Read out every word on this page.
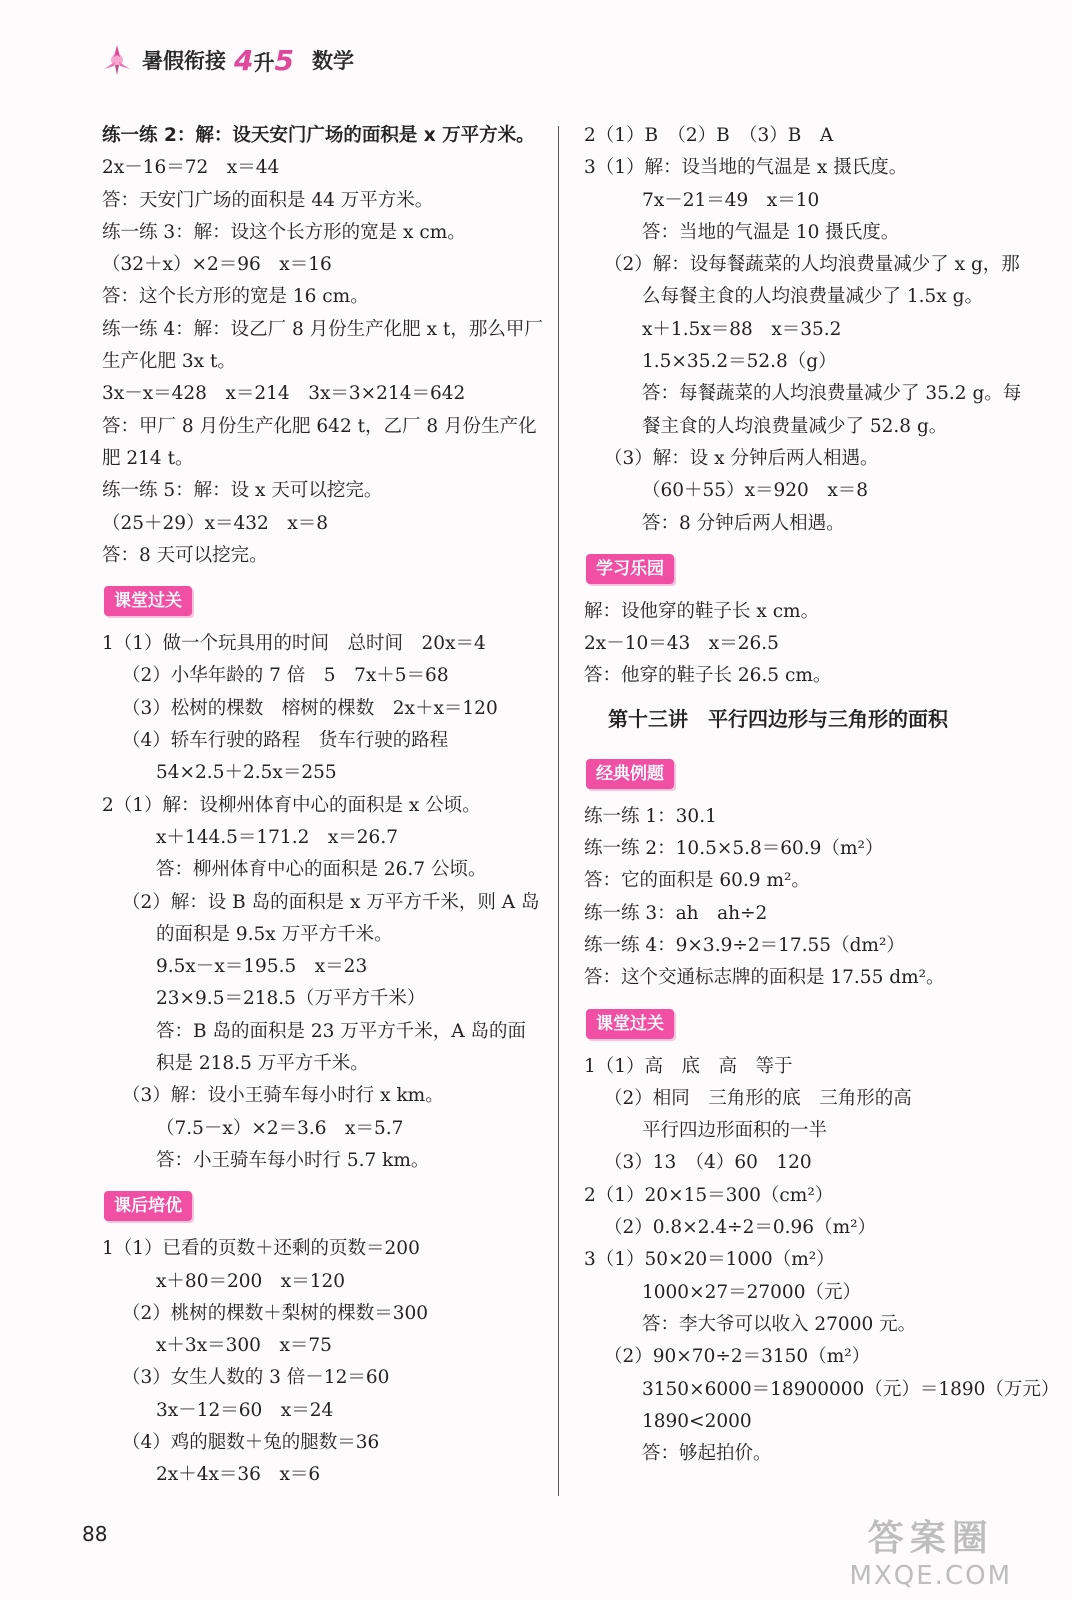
暑假衔接 4升5 数学
练一练 2：解：设天安门广场的面积是 x 万平方米。
2x－16＝72　x＝44
答：天安门广场的面积是 44 万平方米。
练一练 3：解：设这个长方形的宽是 x cm。
（32＋x）×2＝96　x＝16
答：这个长方形的宽是 16 cm。
练一练 4：解：设乙厂 8 月份生产化肥 x t，那么甲厂
生产化肥 3x t。
3x－x＝428　x＝214　3x＝3×214＝642
答：甲厂 8 月份生产化肥 642 t，乙厂 8 月份生产化
肥 214 t。
练一练 5：解：设 x 天可以挖完。
（25＋29）x＝432　x＝8
答：8 天可以挖完。
课堂过关
1（1）做一个玩具用的时间　总时间　20x＝4
（2）小华年龄的 7 倍　5　7x＋5＝68
（3）松树的棵数　榕树的棵数　2x＋x＝120
（4）轿车行驶的路程　货车行驶的路程
54×2.5＋2.5x＝255
2（1）解：设柳州体育中心的面积是 x 公顷。
x＋144.5＝171.2　x＝26.7
答：柳州体育中心的面积是 26.7 公顷。
（2）解：设 B 岛的面积是 x 万平方千米，则 A 岛
的面积是 9.5x 万平方千米。
9.5x－x＝195.5　x＝23
23×9.5＝218.5（万平方千米）
答：B 岛的面积是 23 万平方千米，A 岛的面
积是 218.5 万平方千米。
（3）解：设小王骑车每小时行 x km。
（7.5－x）×2＝3.6　x＝5.7
答：小王骑车每小时行 5.7 km。
课后培优
1（1）已看的页数＋还剩的页数＝200
x＋80＝200　x＝120
（2）桃树的棵数＋梨树的棵数＝300
x＋3x＝300　x＝75
（3）女生人数的 3 倍－12＝60
3x－12＝60　x＝24
（4）鸡的腿数＋兔的腿数＝36
2x＋4x＝36　x＝6
2（1）B　（2）B　（3）B　A
3（1）解：设当地的气温是 x 摄氏度。
7x－21＝49　x＝10
答：当地的气温是 10 摄氏度。
（2）解：设每餐蔬菜的人均浪费量减少了 x g，那
么每餐主食的人均浪费量减少了 1.5x g。
x＋1.5x＝88　x＝35.2
1.5×35.2＝52.8（g）
答：每餐蔬菜的人均浪费量减少了 35.2 g。每
餐主食的人均浪费量减少了 52.8 g。
（3）解：设 x 分钟后两人相遇。
（60＋55）x＝920　x＝8
答：8 分钟后两人相遇。
学习乐园
解：设他穿的鞋子长 x cm。
2x－10＝43　x＝26.5
答：他穿的鞋子长 26.5 cm。
第十三讲　平行四边形与三角形的面积
经典例题
练一练 1：30.1
练一练 2：10.5×5.8＝60.9（m²）
答：它的面积是 60.9 m²。
练一练 3：ah　ah÷2
练一练 4：9×3.9÷2＝17.55（dm²）
答：这个交通标志牌的面积是 17.55 dm²。
课堂过关
1（1）高　底　高　等于
（2）相同　三角形的底　三角形的高
平行四边形面积的一半
（3）13　（4）60　120
2（1）20×15＝300（cm²）
（2）0.8×2.4÷2＝0.96（m²）
3（1）50×20＝1000（m²）
1000×27＝27000（元）
答：李大爷可以收入 27000 元。
（2）90×70÷2＝3150（m²）
3150×6000＝18900000（元）＝1890（万元）
1890<2000
答：够起拍价。
88	答案圈
MXQE.COM
